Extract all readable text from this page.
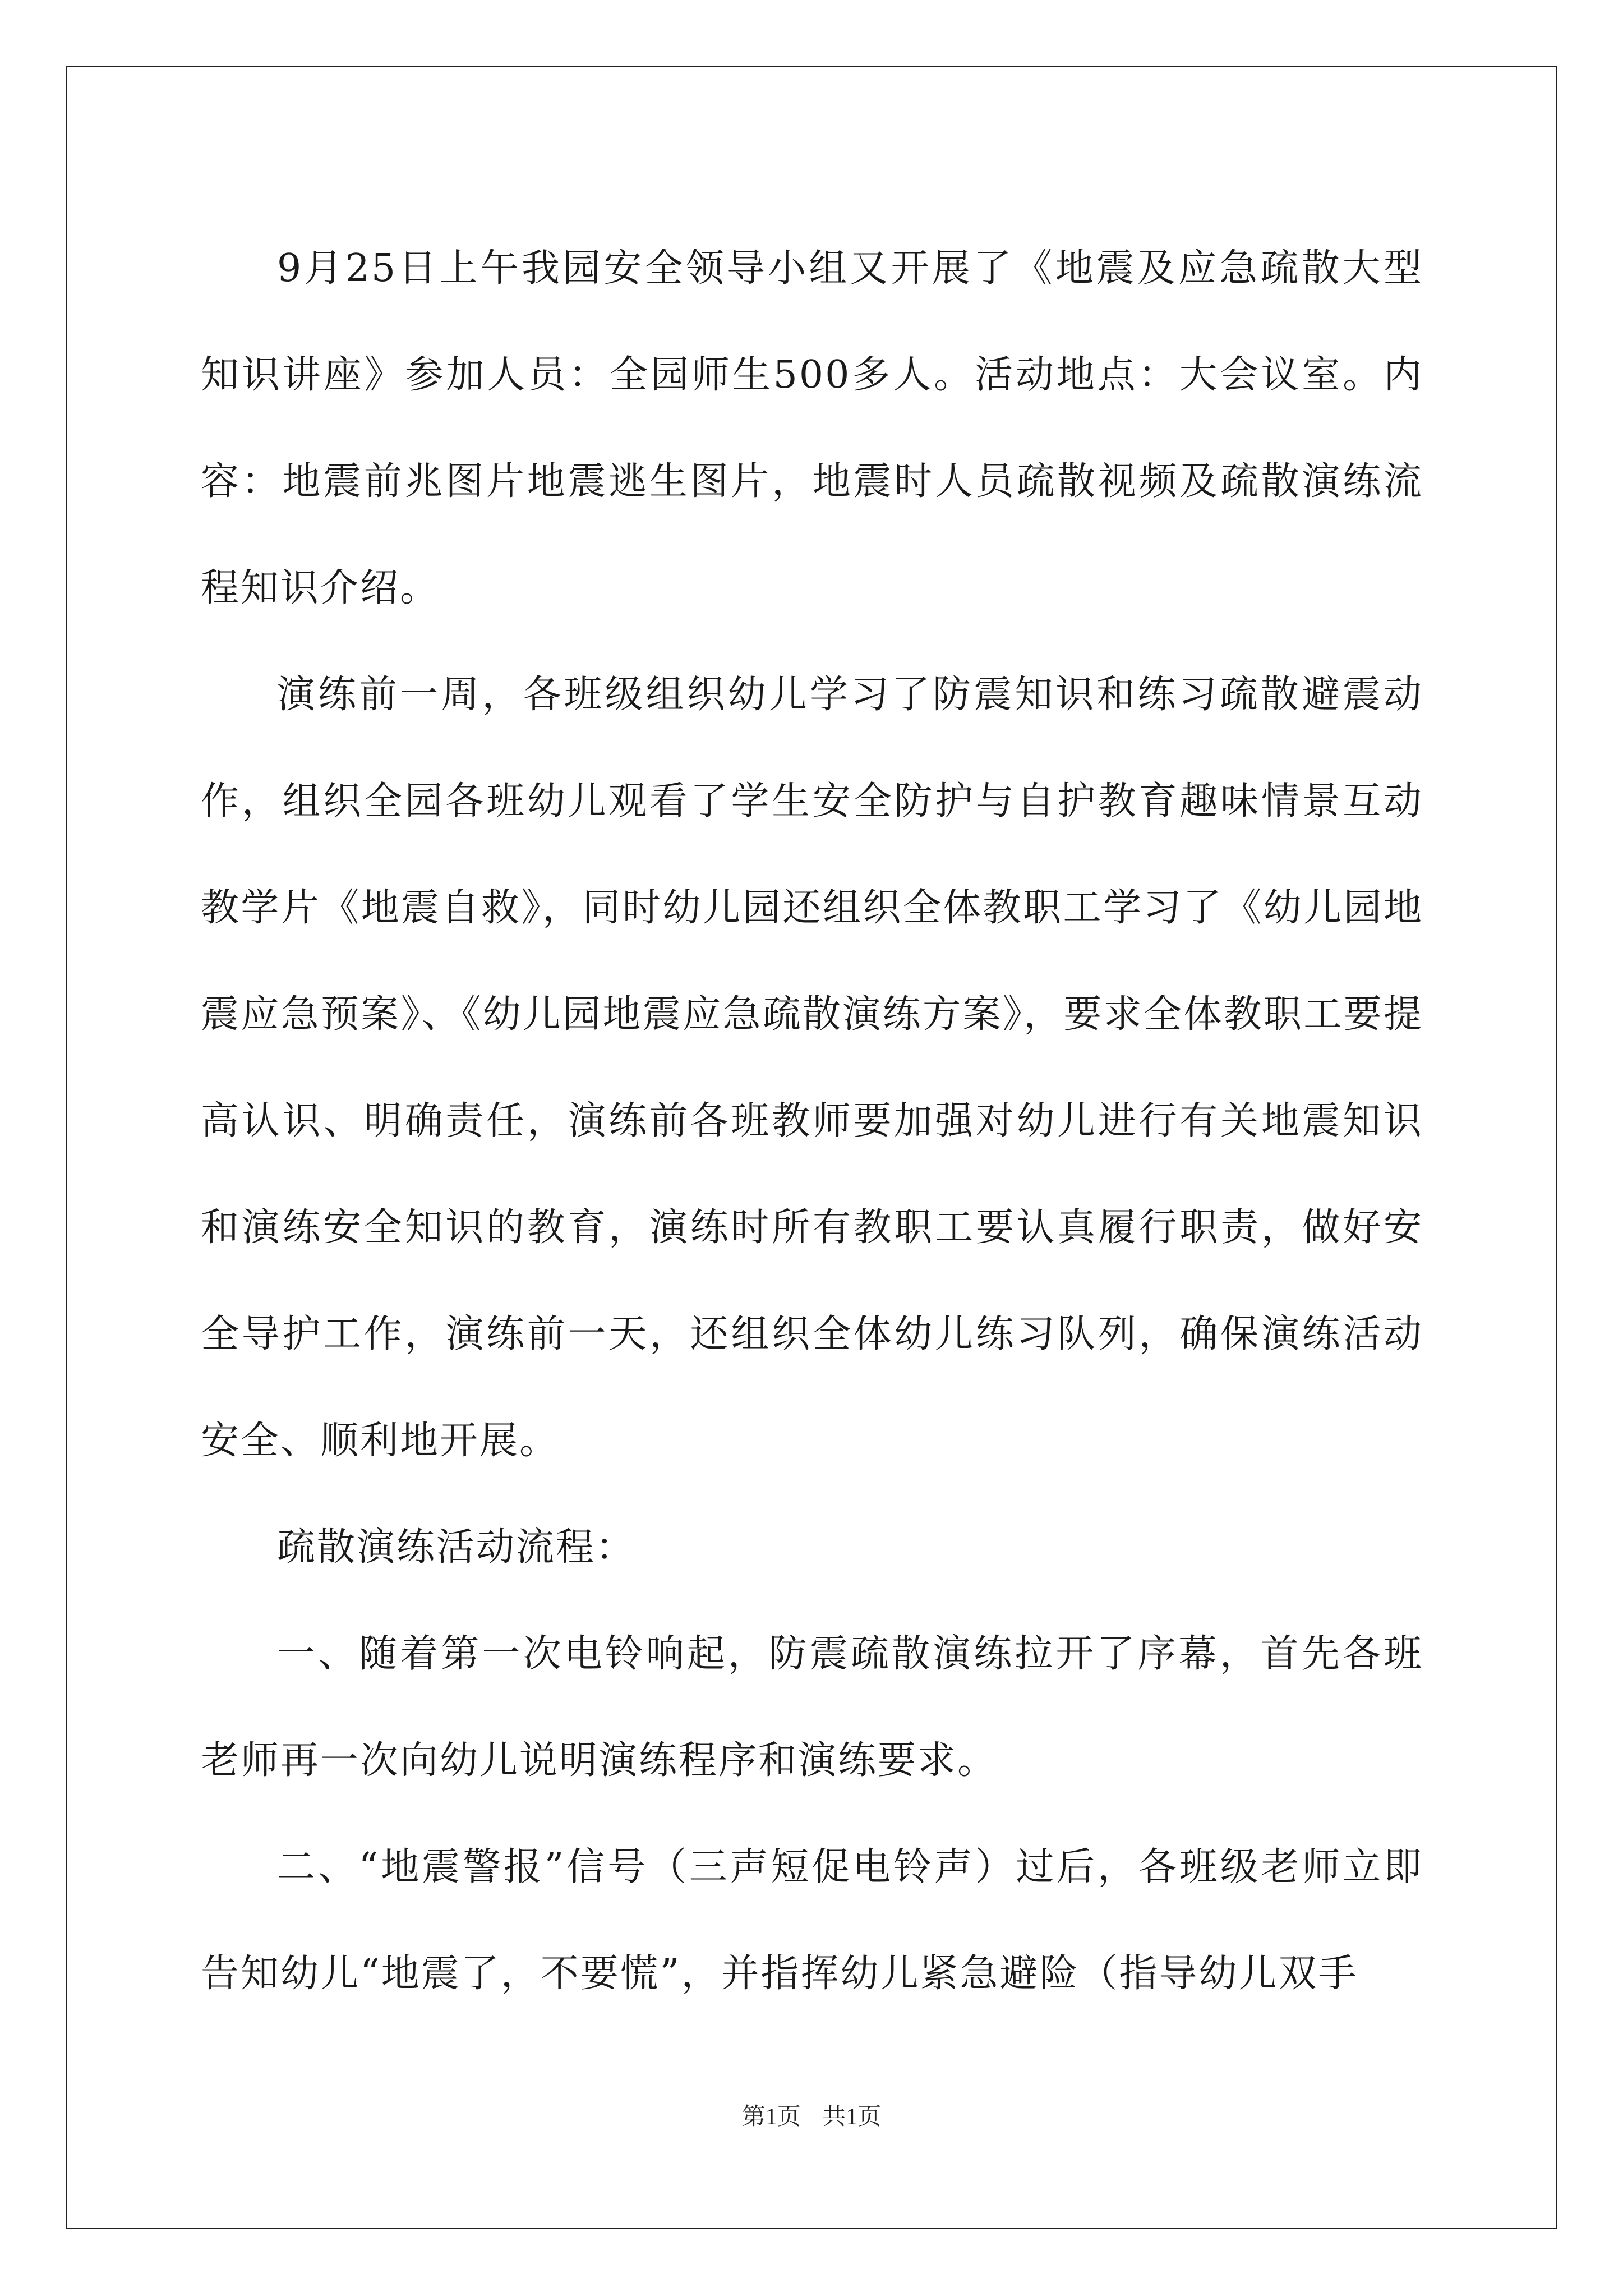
9月25日上午我园安全领导小组又开展了《地震及应急疏散大型知识讲座》参加人员：全园师生500多人。活动地点：大会议室。内容：地震前兆图片地震逃生图片，地震时人员疏散视频及疏散演练流程知识介绍。

演练前一周，各班级组织幼儿学习了防震知识和练习疏散避震动作，组织全园各班幼儿观看了学生安全防护与自护教育趣味情景互动教学片《地震自救》，同时幼儿园还组织全体教职工学习了《幼儿园地震应急预案》、《幼儿园地震应急疏散演练方案》，要求全体教职工要提高认识、明确责任，演练前各班教师要加强对幼儿进行有关地震知识和演练安全知识的教育，演练时所有教职工要认真履行职责，做好安全导护工作，演练前一天，还组织全体幼儿练习队列，确保演练活动安全、顺利地开展。

疏散演练活动流程：

一、随着第一次电铃响起，防震疏散演练拉开了序幕，首先各班老师再一次向幼儿说明演练程序和演练要求。

二、“地震警报”信号（三声短促电铃声）过后，各班级老师立即告知幼儿“地震了，不要慌”，并指挥幼儿紧急避险（指导幼儿双手

第1页 共1页
